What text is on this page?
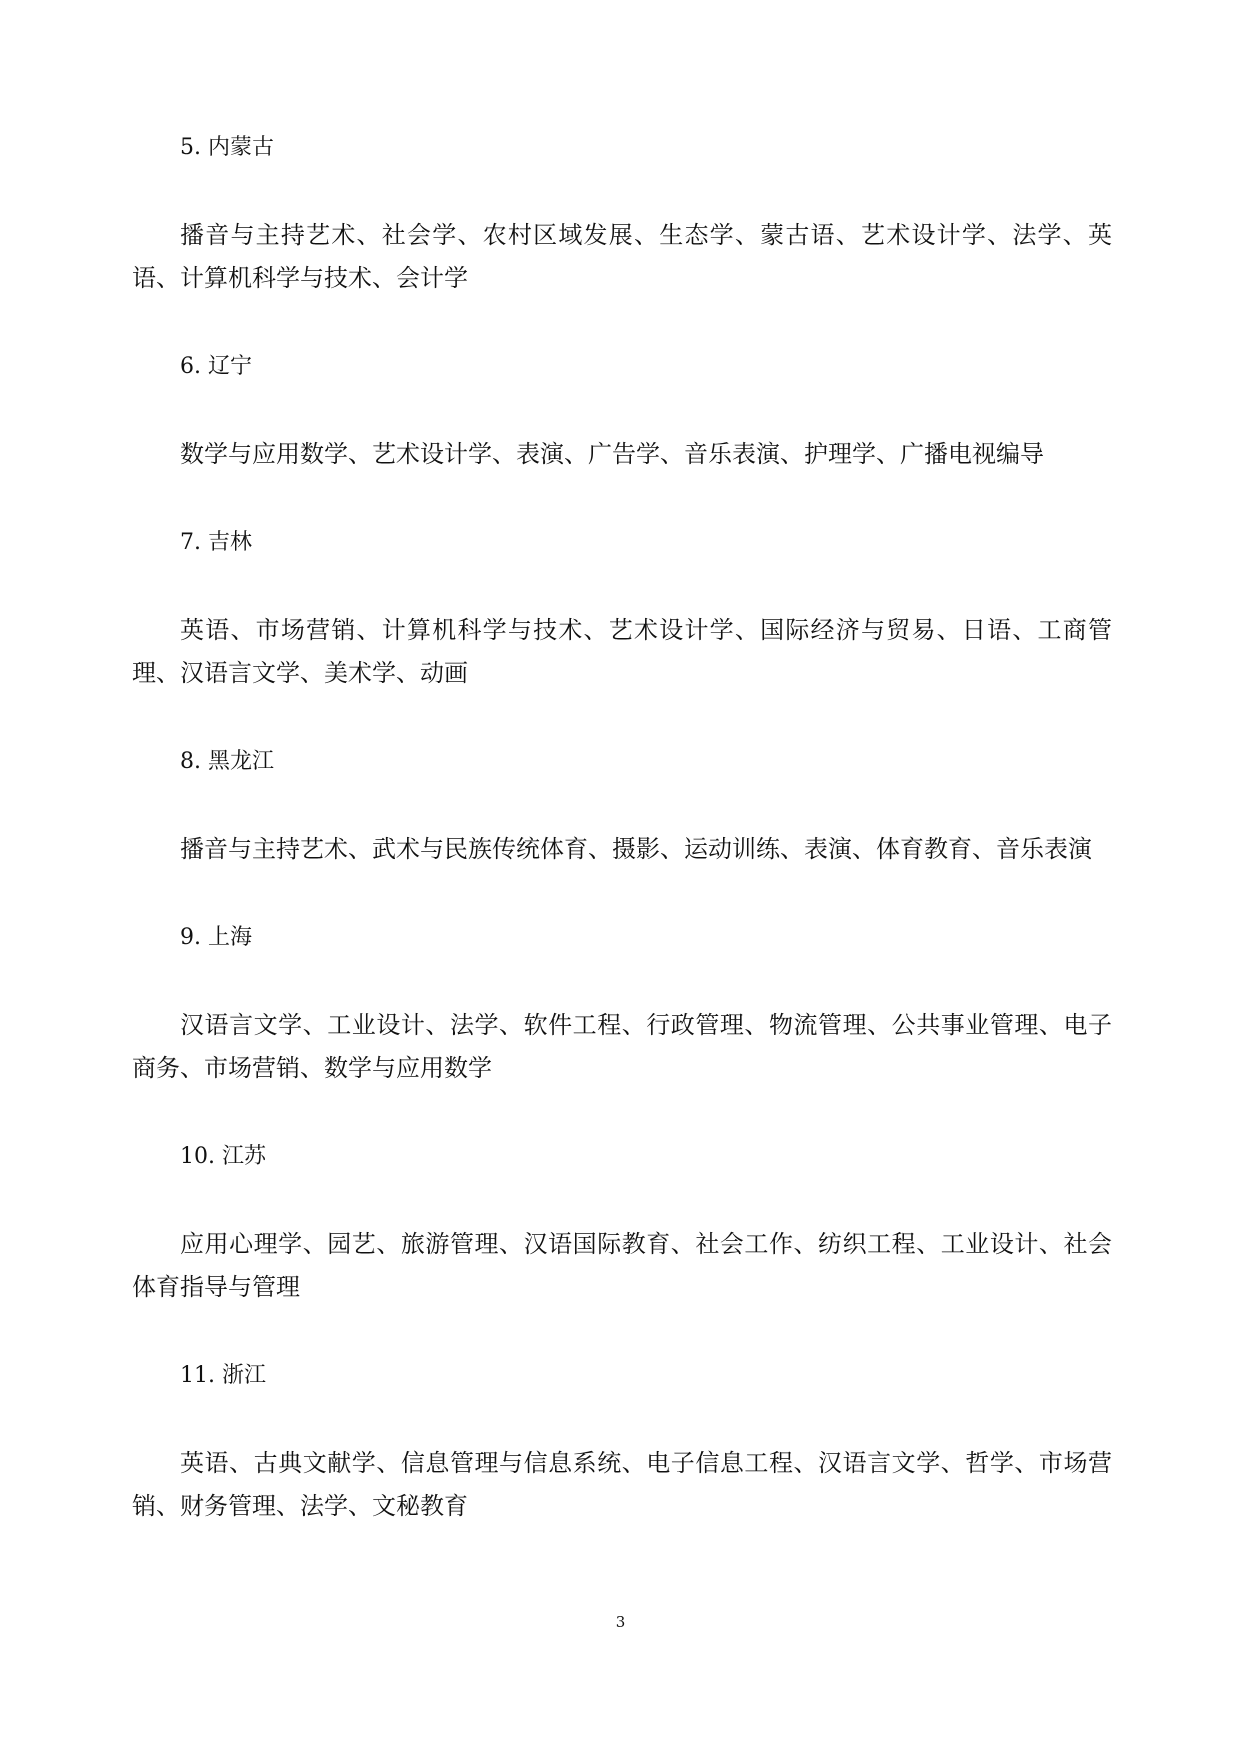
5. 内蒙古

播音与主持艺术、社会学、农村区域发展、生态学、蒙古语、艺术设计学、法学、英语、计算机科学与技术、会计学

6. 辽宁

数学与应用数学、艺术设计学、表演、广告学、音乐表演、护理学、广播电视编导

7. 吉林

英语、市场营销、计算机科学与技术、艺术设计学、国际经济与贸易、日语、工商管理、汉语言文学、美术学、动画

8. 黑龙江

播音与主持艺术、武术与民族传统体育、摄影、运动训练、表演、体育教育、音乐表演

9. 上海

汉语言文学、工业设计、法学、软件工程、行政管理、物流管理、公共事业管理、电子商务、市场营销、数学与应用数学

10. 江苏

应用心理学、园艺、旅游管理、汉语国际教育、社会工作、纺织工程、工业设计、社会体育指导与管理

11. 浙江

英语、古典文献学、信息管理与信息系统、电子信息工程、汉语言文学、哲学、市场营销、财务管理、法学、文秘教育

3
